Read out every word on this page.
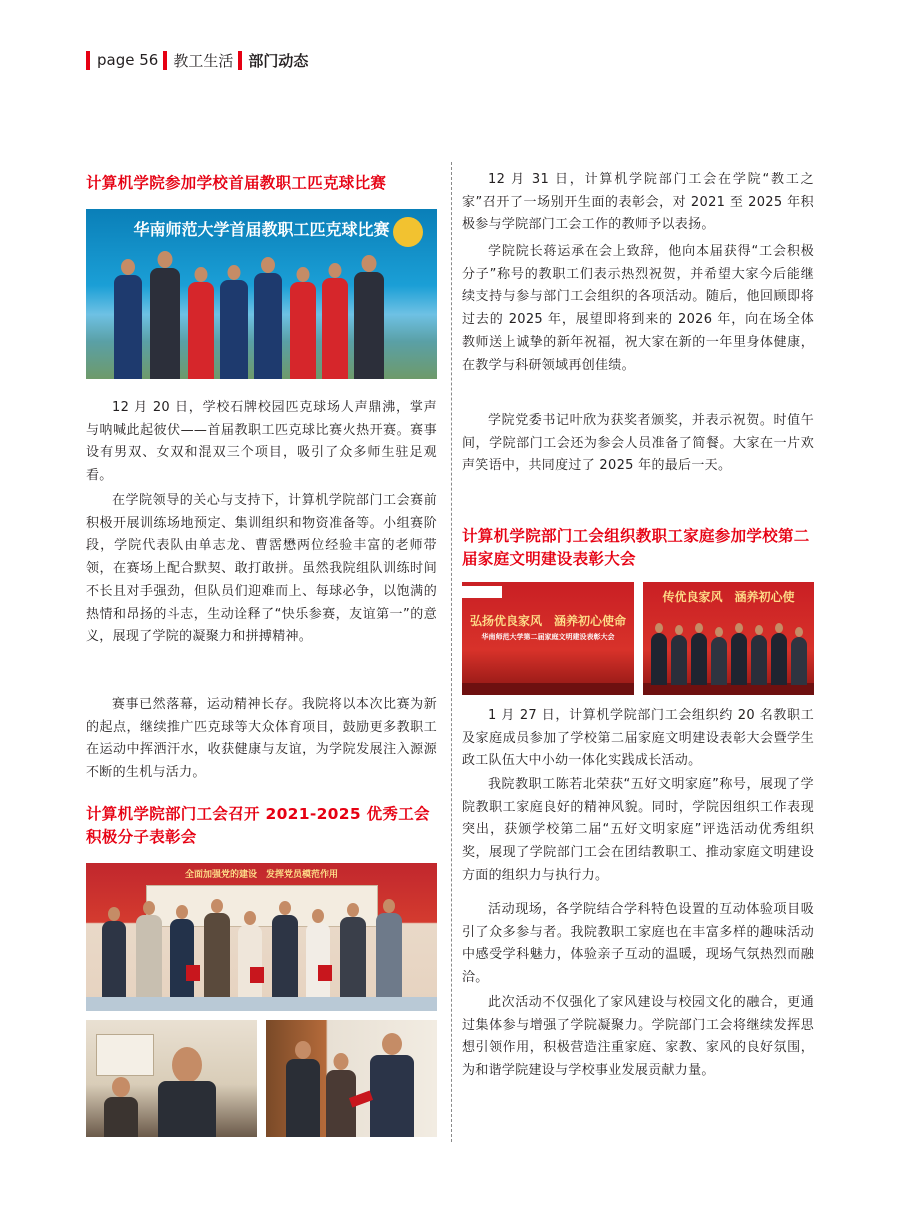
page 56 教工生活 部门动态
计算机学院参加学校首届教职工匹克球比赛
华南师范大学首届教职工匹克球比赛

12 月 20 日，学校石牌校园匹克球场人声鼎沸，掌声与呐喊此起彼伏——首届教职工匹克球比赛火热开赛。赛事设有男双、女双和混双三个项目，吸引了众多师生驻足观看。

在学院领导的关心与支持下，计算机学院部门工会赛前积极开展训练场地预定、集训组织和物资准备等。小组赛阶段，学院代表队由单志龙、曹霑懋两位经验丰富的老师带领，在赛场上配合默契、敢打敢拼。虽然我院组队训练时间不长且对手强劲，但队员们迎难而上、每球必争，以饱满的热情和昂扬的斗志，生动诠释了“快乐参赛，友谊第一”的意义，展现了学院的凝聚力和拼搏精神。

赛事已然落幕，运动精神长存。我院将以本次比赛为新的起点，继续推广匹克球等大众体育项目，鼓励更多教职工在运动中挥洒汗水，收获健康与友谊，为学院发展注入源源不断的生机与活力。

计算机学院部门工会召开 2021-2025 优秀工会积极分子表彰会
全面加强党的建设　发挥党员模范作用

12 月 31 日，计算机学院部门工会在学院“教工之家”召开了一场别开生面的表彰会，对 2021 至 2025 年积极参与学院部门工会工作的教师予以表扬。

学院院长蒋运承在会上致辞，他向本届获得“工会积极分子”称号的教职工们表示热烈祝贺，并希望大家今后能继续支持与参与部门工会组织的各项活动。随后，他回顾即将过去的 2025 年，展望即将到来的 2026 年，向在场全体教师送上诚挚的新年祝福，祝大家在新的一年里身体健康，在教学与科研领域再创佳绩。

学院党委书记叶欣为获奖者颁奖，并表示祝贺。时值午间，学院部门工会还为参会人员准备了简餐。大家在一片欢声笑语中，共同度过了 2025 年的最后一天。

计算机学院部门工会组织教职工家庭参加学校第二届家庭文明建设表彰大会
弘扬优良家风　涵养初心使命
华南师范大学第二届家庭文明建设表彰大会
传优良家风　涵养初心使

1 月 27 日，计算机学院部门工会组织约 20 名教职工及家庭成员参加了学校第二届家庭文明建设表彰大会暨学生政工队伍大中小幼一体化实践成长活动。

我院教职工陈若北荣获“五好文明家庭”称号，展现了学院教职工家庭良好的精神风貌。同时，学院因组织工作表现突出，获颁学校第二届“五好文明家庭”评选活动优秀组织奖，展现了学院部门工会在团结教职工、推动家庭文明建设方面的组织力与执行力。

活动现场，各学院结合学科特色设置的互动体验项目吸引了众多参与者。我院教职工家庭也在丰富多样的趣味活动中感受学科魅力，体验亲子互动的温暖，现场气氛热烈而融洽。

此次活动不仅强化了家风建设与校园文化的融合，更通过集体参与增强了学院凝聚力。学院部门工会将继续发挥思想引领作用，积极营造注重家庭、家教、家风的良好氛围，为和谐学院建设与学校事业发展贡献力量。
